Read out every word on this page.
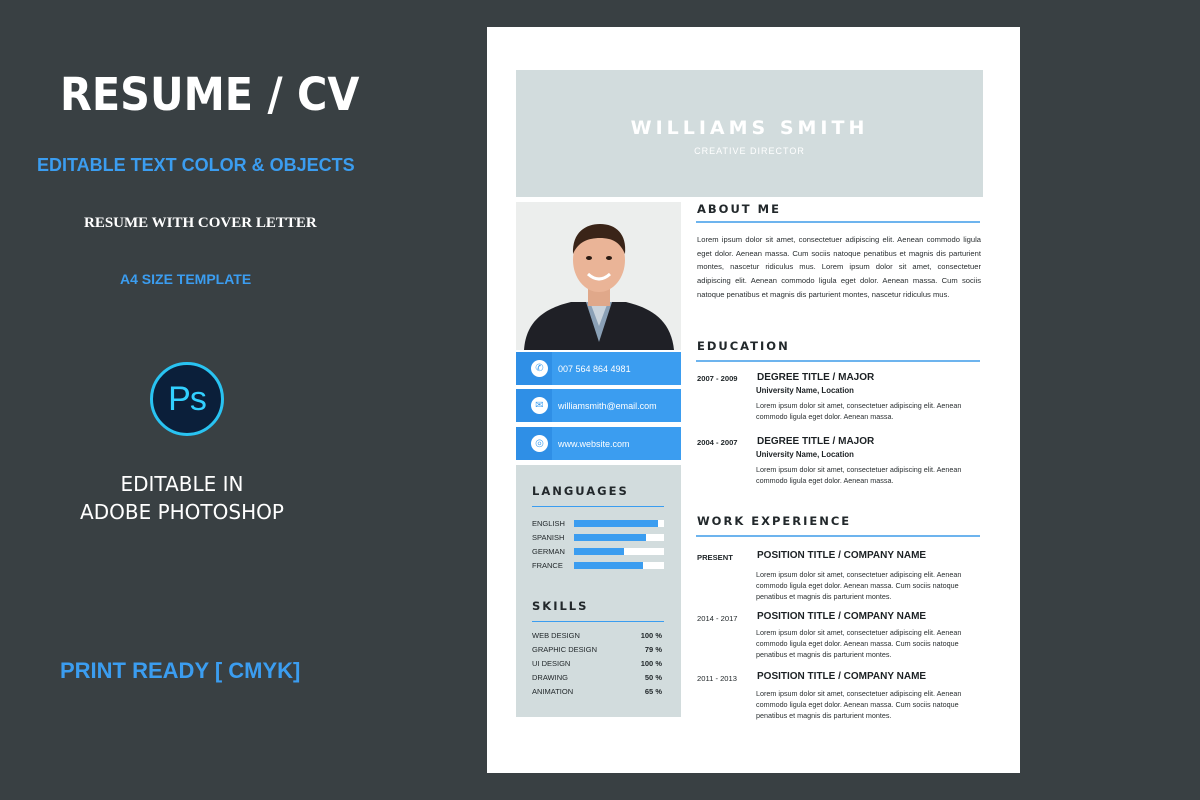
RESUME / CV
EDITABLE TEXT COLOR & OBJECTS
RESUME WITH COVER LETTER
A4 SIZE TEMPLATE
Ps
EDITABLE IN
ADOBE PHOTOSHOP
PRINT READY [ CMYK]
WILLIAMS SMITH
CREATIVE DIRECTOR
✆	007 564 864 4981
✉	williamsmith@email.com
◎	www.website.com
LANGUAGES
ENGLISH
SPANISH
GERMAN
FRANCE
SKILLS
WEB DESIGN	100 %
GRAPHIC DESIGN	79 %
UI DESIGN	100 %
DRAWING	50 %
ANIMATION	65 %
ABOUT ME
Lorem ipsum dolor sit amet, consectetuer adipiscing elit. Aenean commodo ligula eget dolor. Aenean massa. Cum sociis natoque penatibus et magnis dis parturient montes, nascetur ridiculus mus. Lorem ipsum dolor sit amet, consectetuer adipiscing elit. Aenean commodo ligula eget dolor. Aenean massa. Cum sociis natoque penatibus et magnis dis parturient montes, nascetur ridiculus mus.
EDUCATION
2007 - 2009 DEGREE TITLE / MAJOR
University Name, Location
Lorem ipsum dolor sit amet, consectetuer adipiscing elit. Aenean commodo ligula eget dolor. Aenean massa.
2004 - 2007 DEGREE TITLE / MAJOR
University Name, Location
Lorem ipsum dolor sit amet, consectetuer adipiscing elit. Aenean commodo ligula eget dolor. Aenean massa.
WORK EXPERIENCE
PRESENT POSITION TITLE / COMPANY NAME
Lorem ipsum dolor sit amet, consectetuer adipiscing elit. Aenean commodo ligula eget dolor. Aenean massa. Cum sociis natoque penatibus et magnis dis parturient montes.
2014 - 2017 POSITION TITLE / COMPANY NAME
Lorem ipsum dolor sit amet, consectetuer adipiscing elit. Aenean commodo ligula eget dolor. Aenean massa. Cum sociis natoque penatibus et magnis dis parturient montes.
2011 - 2013 POSITION TITLE / COMPANY NAME
Lorem ipsum dolor sit amet, consectetuer adipiscing elit. Aenean commodo ligula eget dolor. Aenean massa. Cum sociis natoque penatibus et magnis dis parturient montes.
